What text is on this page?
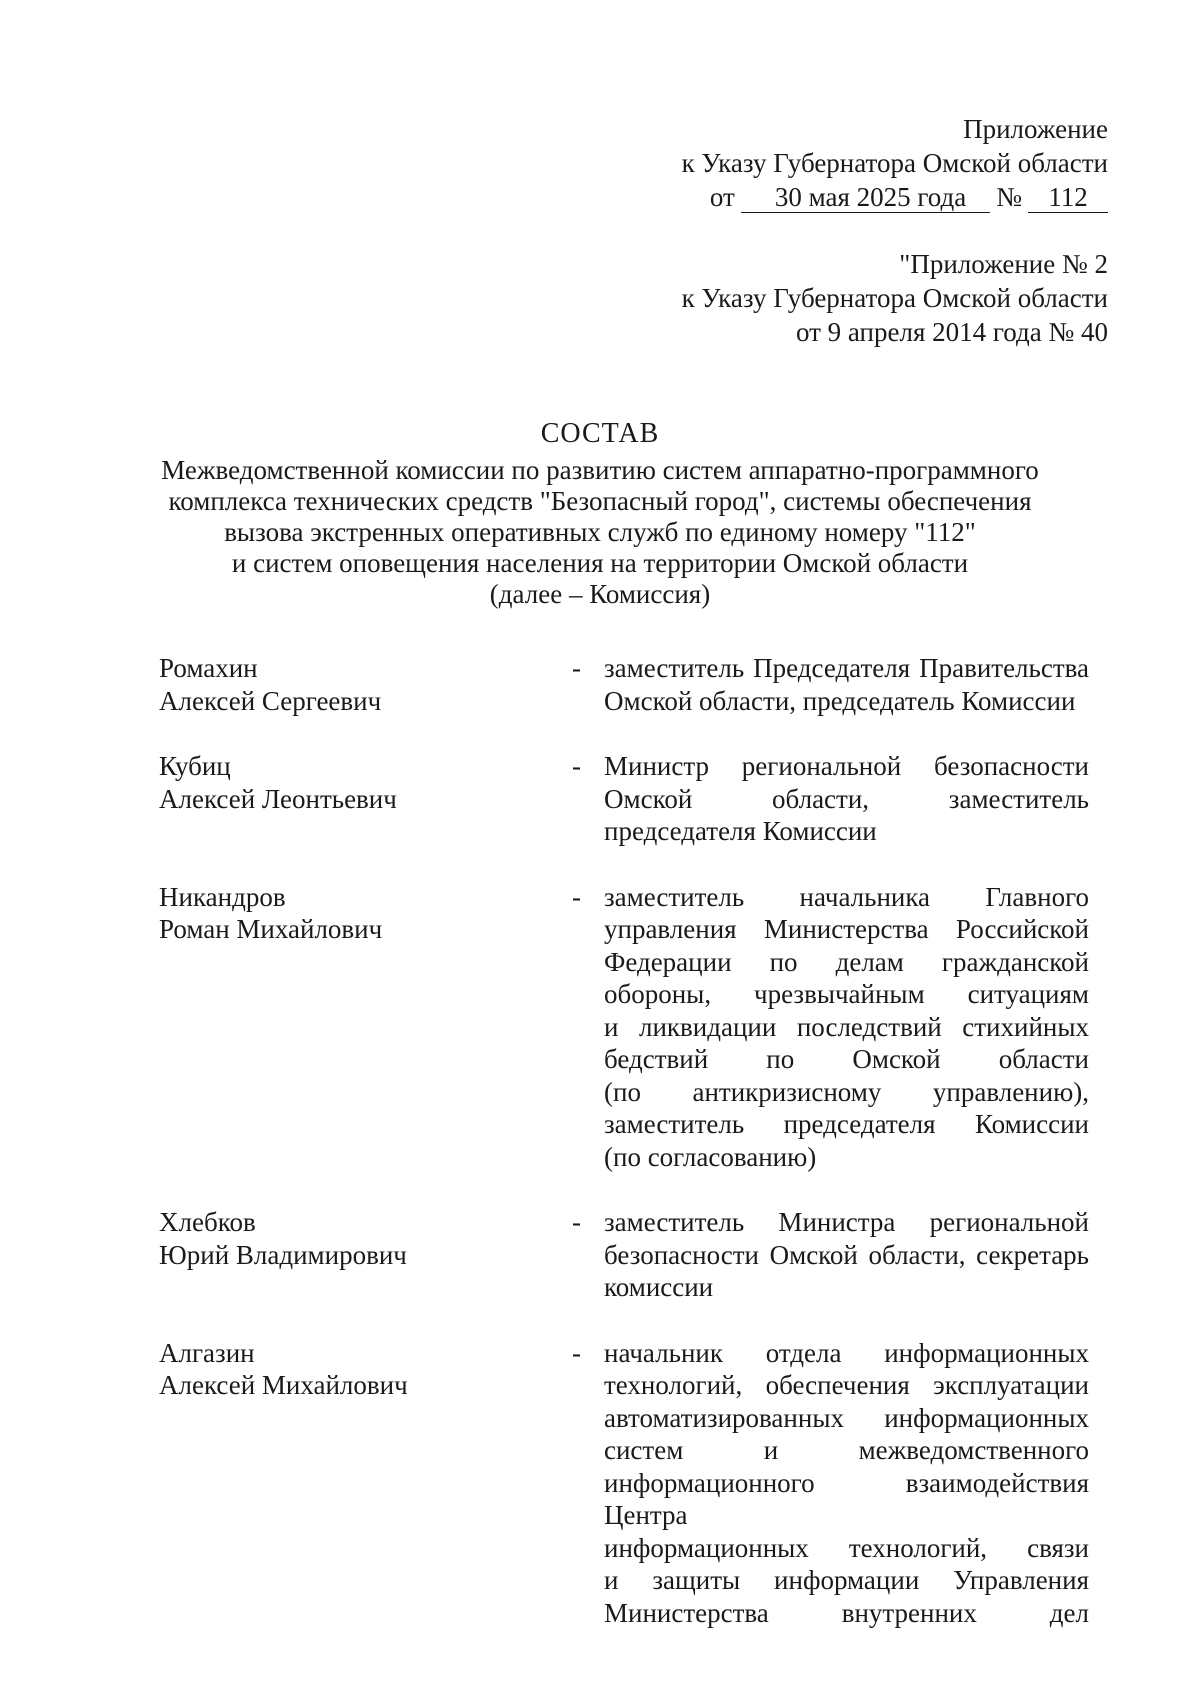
Приложение
к Указу Губернатора Омской области
от	30 мая 2025 года	№ 112
"Приложение № 2
к Указу Губернатора Омской области
от 9 апреля 2014 года № 40
СОСТАВ
Межведомственной комиссии по развитию систем аппаратно-программного
комплекса технических средств "Безопасный город", системы обеспечения
вызова экстренных оперативных служб по единому номеру "112"
и систем оповещения населения на территории Омской области
(далее – Комиссия)
Ромахин
Алексей Сергеевич
- заместитель Председателя Правительства
Омской области, председатель Комиссии
Кубиц
Алексей Леонтьевич
- Министр региональной безопасности
Омской области, заместитель
председателя Комиссии
Никандров
Роман Михайлович
- заместитель начальника Главного
управления Министерства Российской
Федерации по делам гражданской
обороны, чрезвычайным ситуациям
и ликвидации последствий стихийных
бедствий по Омской области
(по антикризисному управлению),
заместитель председателя Комиссии
(по согласованию)
Хлебков
Юрий Владимирович
- заместитель Министра региональной
безопасности Омской области, секретарь
комиссии
Алгазин
Алексей Михайлович
- начальник отдела информационных
технологий, обеспечения эксплуатации
автоматизированных информационных
систем и межведомственного
информационного взаимодействия Центра
информационных технологий, связи
и защиты информации Управления
Министерства внутренних дел
